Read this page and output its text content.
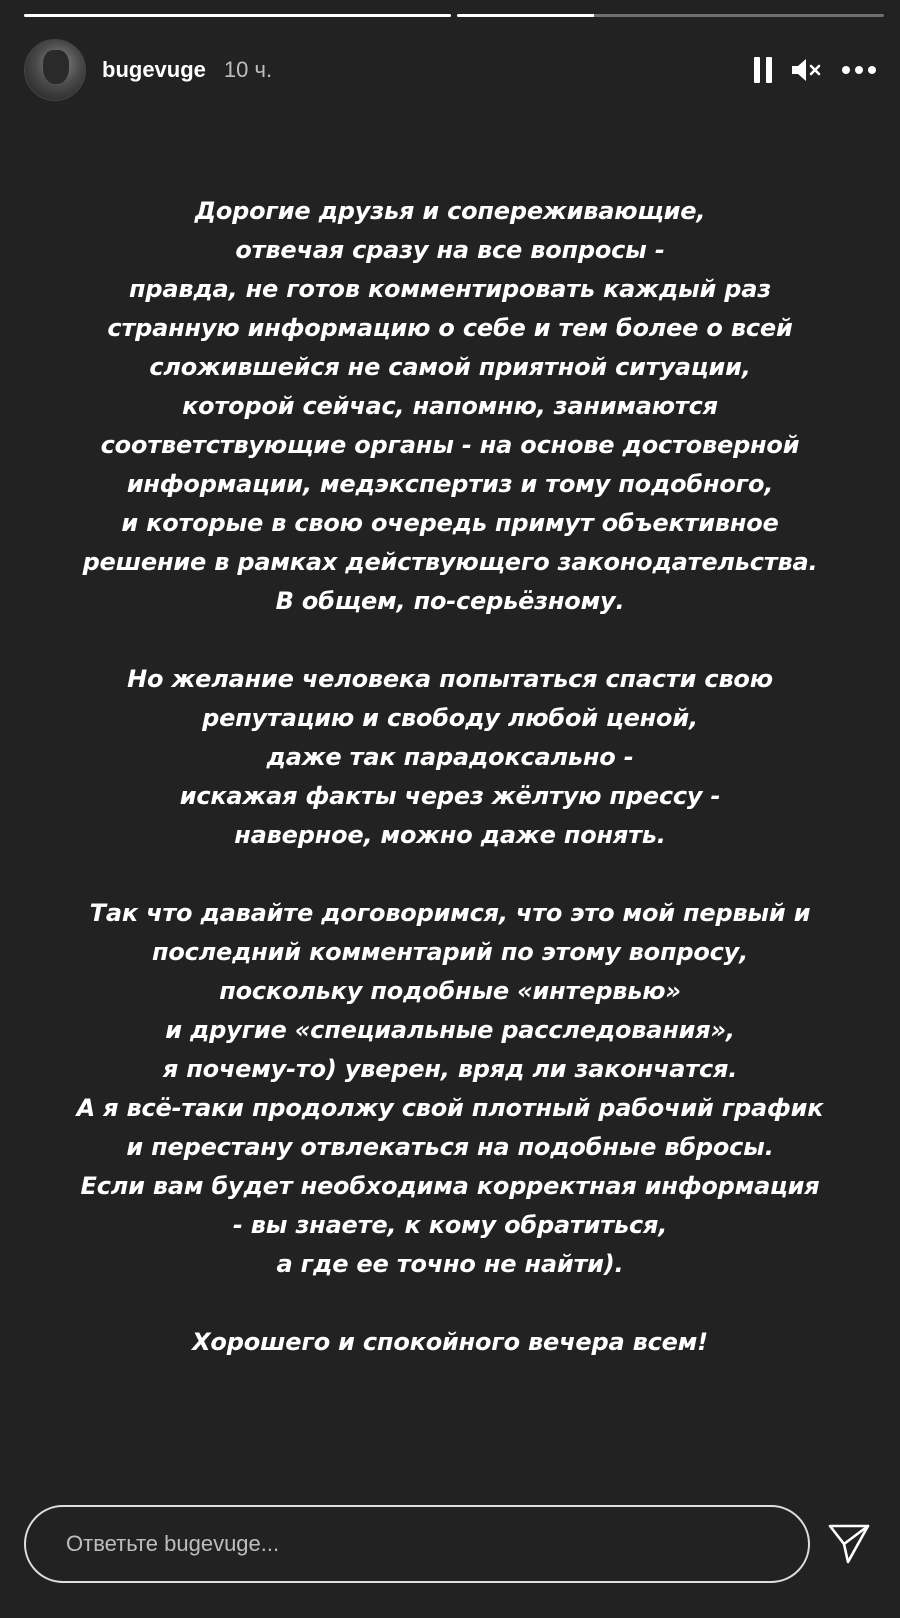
bugevuge 10 ч.

Дорогие друзья и сопереживающие,
отвечая сразу на все вопросы -
правда, не готов комментировать каждый раз
странную информацию о себе и тем более о всей
сложившейся не самой приятной ситуации,
которой сейчас, напомню, занимаются
соответствующие органы - на основе достоверной
информации, медэкспертиз и тому подобного,
и которые в свою очередь примут объективное
решение в рамках действующего законодательства.
В общем, по-серьёзному.

Но желание человека попытаться спасти свою
репутацию и свободу любой ценой,
даже так парадоксально -
искажая факты через жёлтую прессу -
наверное, можно даже понять.

Так что давайте договоримся, что это мой первый и
последний комментарий по этому вопросу,
поскольку подобные «интервью»
и другие «специальные расследования»,
я почему-то) уверен, вряд ли закончатся.
А я всё-таки продолжу свой плотный рабочий график
и перестану отвлекаться на подобные вбросы.
Если вам будет необходима корректная информация
- вы знаете, к кому обратиться,
а где ее точно не найти).

Хорошего и спокойного вечера всем!

Ответьте bugevuge...
